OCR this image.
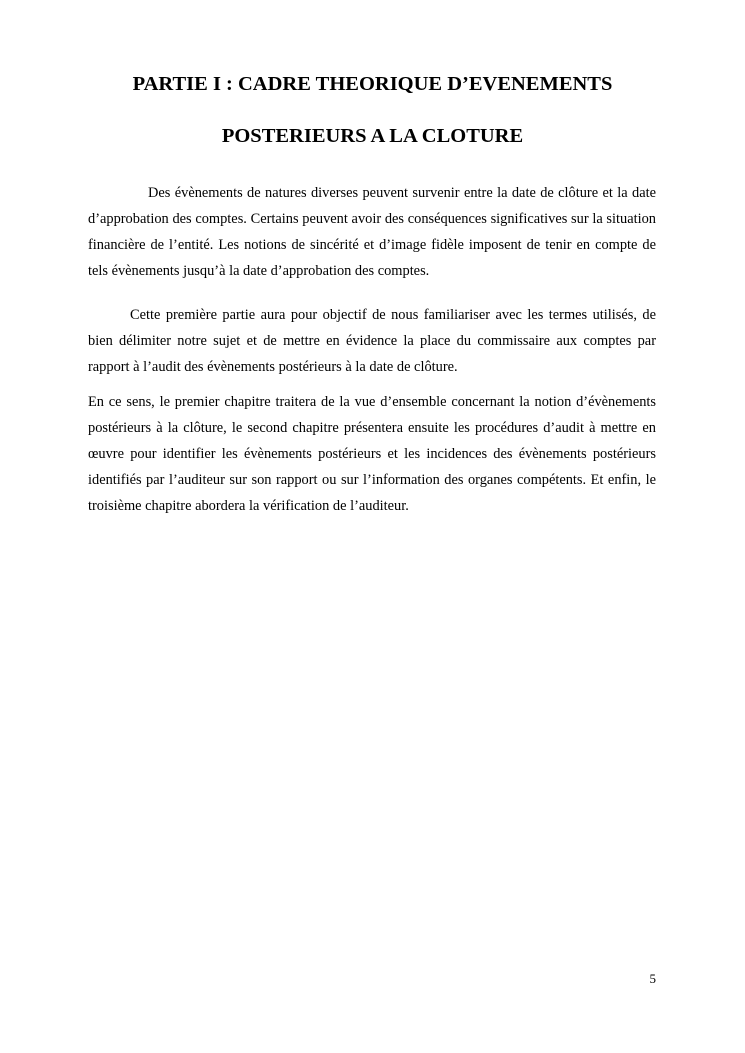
PARTIE I : CADRE THEORIQUE D’EVENEMENTS
POSTERIEURS A LA CLOTURE

Des évènements de natures diverses peuvent survenir entre la date de clôture et la date d’approbation des comptes. Certains peuvent avoir des conséquences significatives sur la situation financière de l’entité. Les notions de sincérité et d’image fidèle imposent de tenir en compte de tels évènements jusqu’à la date d’approbation des comptes.

Cette première partie aura pour objectif de nous familiariser avec les termes utilisés, de bien délimiter notre sujet et de mettre en évidence la place du commissaire aux comptes par rapport à l’audit des évènements postérieurs à la date de clôture.

En ce sens, le premier chapitre traitera de la vue d’ensemble concernant la notion d’évènements postérieurs à la clôture, le second chapitre présentera ensuite les procédures d’audit à mettre en œuvre pour identifier les évènements postérieurs et les incidences des évènements postérieurs identifiés par l’auditeur sur son rapport ou sur l’information des organes compétents. Et enfin, le troisième chapitre abordera la vérification de l’auditeur.

5
